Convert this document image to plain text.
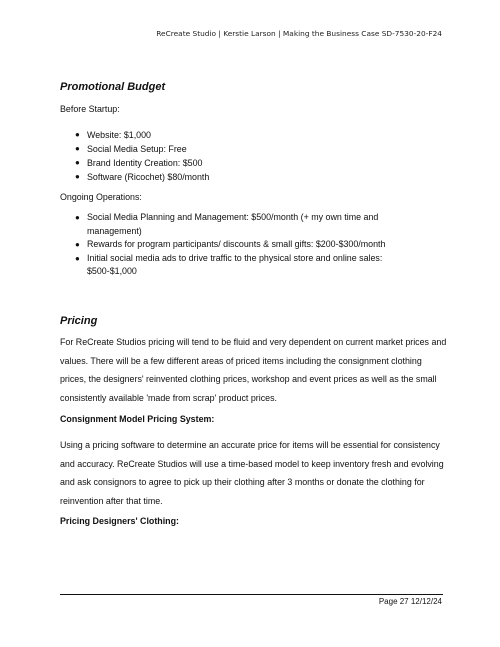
ReCreate Studio | Kerstie Larson | Making the Business Case SD-7530-20-F24
Promotional Budget

Before Startup:

● Website: $1,000
● Social Media Setup: Free
● Brand Identity Creation: $500
● Software (Ricochet) $80/month

Ongoing Operations:

● Social Media Planning and Management: $500/month (+ my own time and management)
● Rewards for program participants/ discounts & small gifts: $200-$300/month
● Initial social media ads to drive traffic to the physical store and online sales: $500-$1,000
Pricing

For ReCreate Studios pricing will tend to be fluid and very dependent on current market prices and values. There will be a few different areas of priced items including the consignment clothing prices, the designers' reinvented clothing prices, workshop and event prices as well as the small consistently available 'made from scrap' product prices.

Consignment Model Pricing System:

Using a pricing software to determine an accurate price for items will be essential for consistency and accuracy. ReCreate Studios will use a time-based model to keep inventory fresh and evolving and ask consignors to agree to pick up their clothing after 3 months or donate the clothing for reinvention after that time.

Pricing Designers' Clothing:

Page 27 12/12/24
